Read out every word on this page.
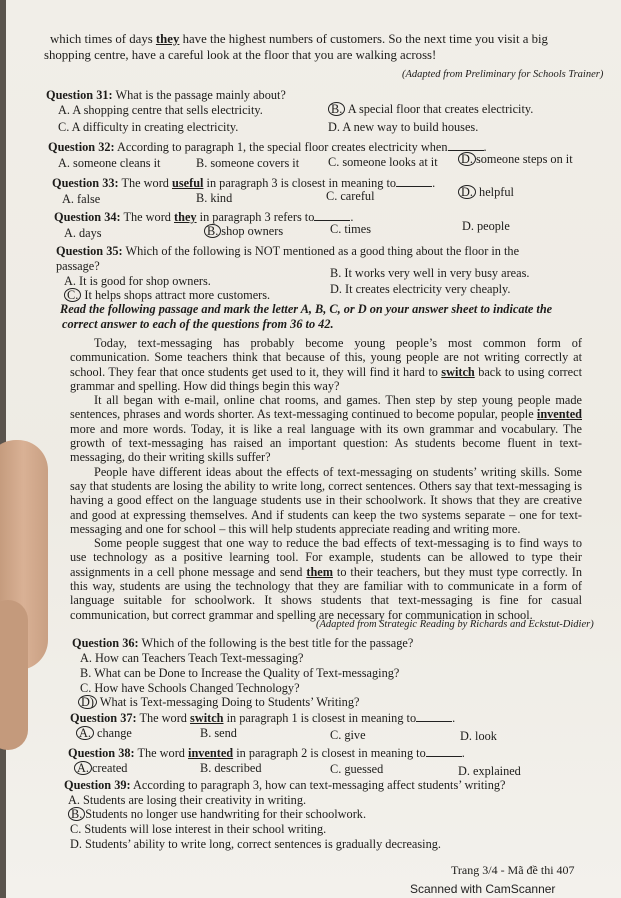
which times of days they have the highest numbers of customers. So the next time you visit a big
shopping centre, have a careful look at the floor that you are walking across!
(Adapted from Preliminary for Schools Trainer)
Question 31: What is the passage mainly about?
A. A shopping centre that sells electricity.	B. A special floor that creates electricity.
C. A difficulty in creating electricity.	D. A new way to build houses.
Question 32: According to paragraph 1, the special floor creates electricity when	.
A. someone cleans it	B. someone covers it C. someone looks at it D. someone steps on it
Question 33: The word useful in paragraph 3 is closest in meaning to	.
A. false	B. kind	C. careful	D. helpful
Question 34: The word they in paragraph 3 refers to	.
A. days	B. shop owners	C. times	D. people
Question 35: Which of the following is NOT mentioned as a good thing about the floor in the
passage?
A. It is good for shop owners.
B. It works very well in very busy areas.
C. It helps shops attract more customers.	D. It creates electricity very cheaply.
Read the following passage and mark the letter A, B, C, or D on your answer sheet to indicate the
correct answer to each of the questions from 36 to 42.

Today, text-messaging has probably become young people’s most common form of communication. Some teachers think that because of this, young people are not writing correctly at school. They fear that once students get used to it, they will find it hard to switch back to using correct grammar and spelling. How did things begin this way?

It all began with e-mail, online chat rooms, and games. Then step by step young people made sentences, phrases and words shorter. As text-messaging continued to become popular, people invented more and more words. Today, it is like a real language with its own grammar and vocabulary. The growth of text-messaging has raised an important question: As students become fluent in text-messaging, do their writing skills suffer?

People have different ideas about the effects of text-messaging on students’ writing skills. Some say that students are losing the ability to write long, correct sentences. Others say that text-messaging is having a good effect on the language students use in their schoolwork. It shows that they are creative and good at expressing themselves. And if students can keep the two systems separate – one for text-messaging and one for school – this will help students appreciate reading and writing more.

Some people suggest that one way to reduce the bad effects of text-messaging is to find ways to use technology as a positive learning tool. For example, students can be allowed to type their assignments in a cell phone message and send them to their teachers, but they must type correctly. In this way, students are using the technology that they are familiar with to communicate in a form of language suitable for schoolwork. It shows students that text-messaging is fine for casual communication, but correct grammar and spelling are necessary for communication in school.

(Adapted from Strategic Reading by Richards and Eckstut-Didier)
Question 36: Which of the following is the best title for the passage?
A. How can Teachers Teach Text-messaging?
B. What can be Done to Increase the Quality of Text-messaging?
C. How have Schools Changed Technology?
D) What is Text-messaging Doing to Students’ Writing?
Question 37: The word switch in paragraph 1 is closest in meaning to	.
A. change	B. send	C. give	D. look
Question 38: The word invented in paragraph 2 is closest in meaning to	.
A. created	B. described	C. guessed	D. explained
Question 39: According to paragraph 3, how can text-messaging affect students’ writing?
A. Students are losing their creativity in writing.
B. Students no longer use handwriting for their schoolwork.
C. Students will lose interest in their school writing.
D. Students’ ability to write long, correct sentences is gradually decreasing.
Trang 3/4 - Mã đề thi 407
Scanned with CamScanner
